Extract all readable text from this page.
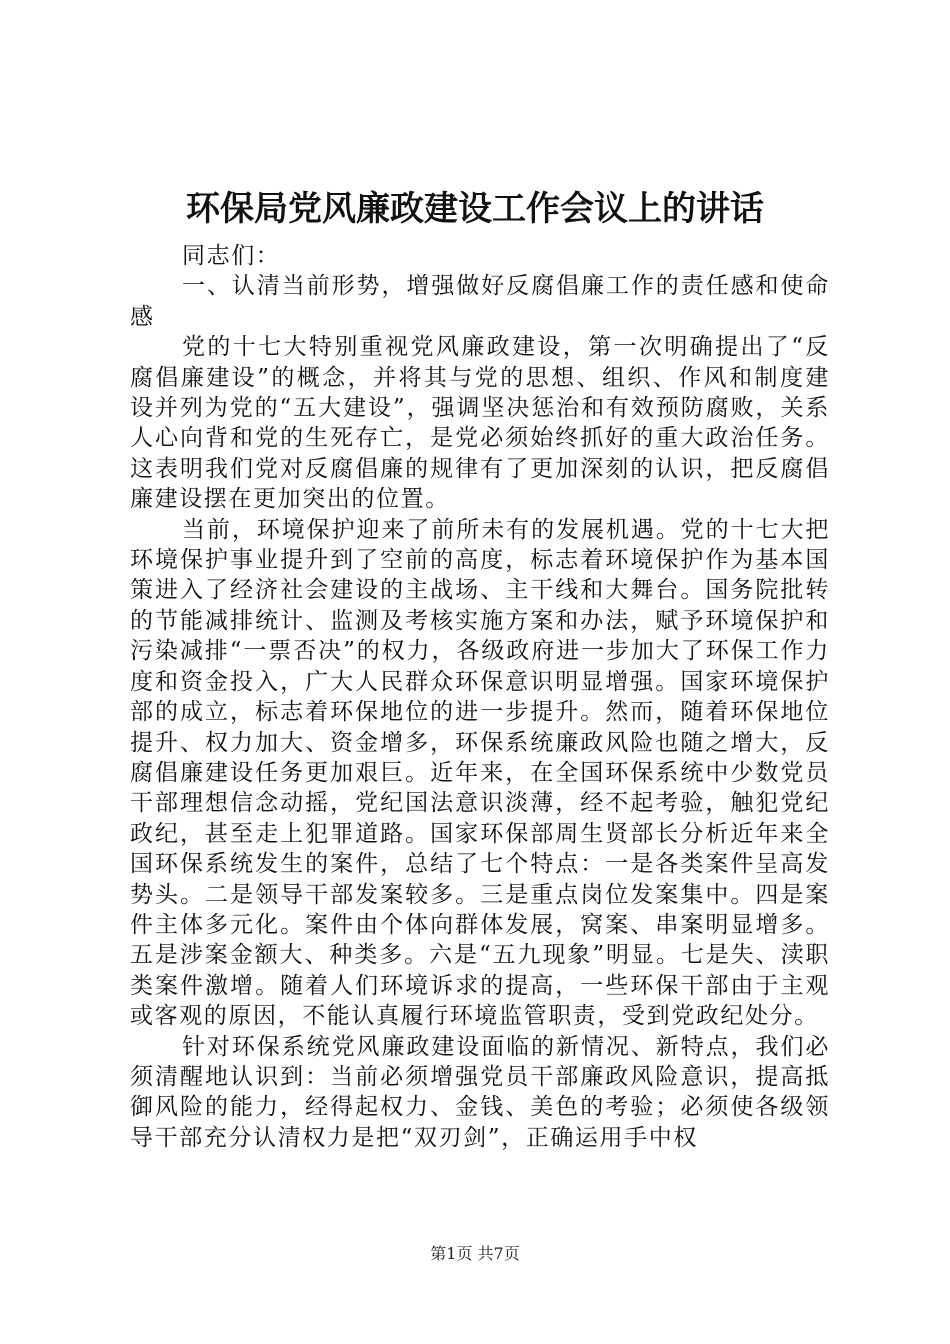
环保局党风廉政建设工作会议上的讲话

同志们：

一、认清当前形势，增强做好反腐倡廉工作的责任感和使命感

党的十七大特别重视党风廉政建设，第一次明确提出了“反腐倡廉建设”的概念，并将其与党的思想、组织、作风和制度建设并列为党的“五大建设”，强调坚决惩治和有效预防腐败，关系人心向背和党的生死存亡，是党必须始终抓好的重大政治任务。这表明我们党对反腐倡廉的规律有了更加深刻的认识，把反腐倡廉建设摆在更加突出的位置。

当前，环境保护迎来了前所未有的发展机遇。党的十七大把环境保护事业提升到了空前的高度，标志着环境保护作为基本国策进入了经济社会建设的主战场、主干线和大舞台。国务院批转的节能减排统计、监测及考核实施方案和办法，赋予环境保护和污染减排“一票否决”的权力，各级政府进一步加大了环保工作力度和资金投入，广大人民群众环保意识明显增强。国家环境保护部的成立，标志着环保地位的进一步提升。然而，随着环保地位提升、权力加大、资金增多，环保系统廉政风险也随之增大，反腐倡廉建设任务更加艰巨。近年来，在全国环保系统中少数党员干部理想信念动摇，党纪国法意识淡薄，经不起考验，触犯党纪政纪，甚至走上犯罪道路。国家环保部周生贤部长分析近年来全国环保系统发生的案件，总结了七个特点：一是各类案件呈高发势头。二是领导干部发案较多。三是重点岗位发案集中。四是案件主体多元化。案件由个体向群体发展，窝案、串案明显增多。五是涉案金额大、种类多。六是“五九现象”明显。七是失、渎职类案件激增。随着人们环境诉求的提高，一些环保干部由于主观或客观的原因，不能认真履行环境监管职责，受到党政纪处分。

针对环保系统党风廉政建设面临的新情况、新特点，我们必须清醒地认识到：当前必须增强党员干部廉政风险意识，提高抵御风险的能力，经得起权力、金钱、美色的考验；必须使各级领导干部充分认清权力是把“双刃剑”，正确运用手中权

第1页 共7页
